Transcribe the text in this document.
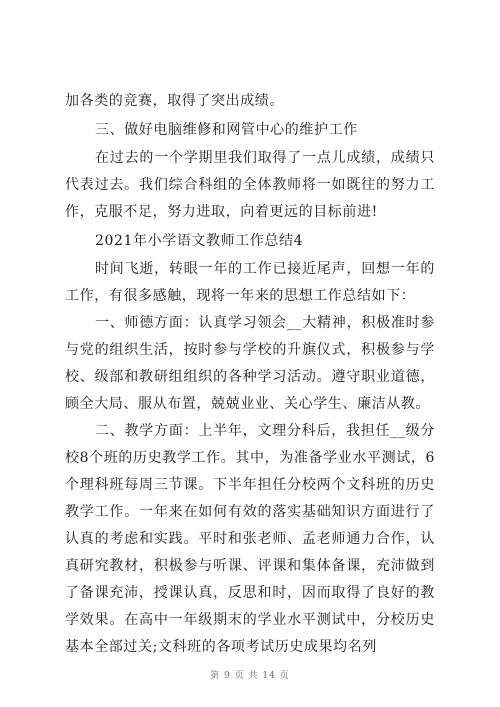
加各类的竞赛，取得了突出成绩。

三、做好电脑维修和网管中心的维护工作

在过去的一个学期里我们取得了一点儿成绩，成绩只代表过去。我们综合科组的全体教师将一如既往的努力工作，克服不足，努力进取，向着更远的目标前进!

2021年小学语文教师工作总结4

时间飞逝，转眼一年的工作已接近尾声，回想一年的工作，有很多感触，现将一年来的思想工作总结如下：

一、师德方面：认真学习领会__大精神，积极准时参与党的组织生活，按时参与学校的升旗仪式，积极参与学校、级部和教研组组织的各种学习活动。遵守职业道德，顾全大局、服从布置，兢兢业业、关心学生、廉洁从教。

二、教学方面：上半年，文理分科后，我担任__级分校8个班的历史教学工作。其中，为准备学业水平测试，6个理科班每周三节课。下半年担任分校两个文科班的历史教学工作。一年来在如何有效的落实基础知识方面进行了认真的考虑和实践。平时和张老师、孟老师通力合作，认真研究教材，积极参与听课、评课和集体备课，充沛做到了备课充沛，授课认真，反思和时，因而取得了良好的教学效果。在高中一年级期末的学业水平测试中，分校历史基本全部过关;文科班的各项考试历史成果均名列

第 9 页 共 14 页
